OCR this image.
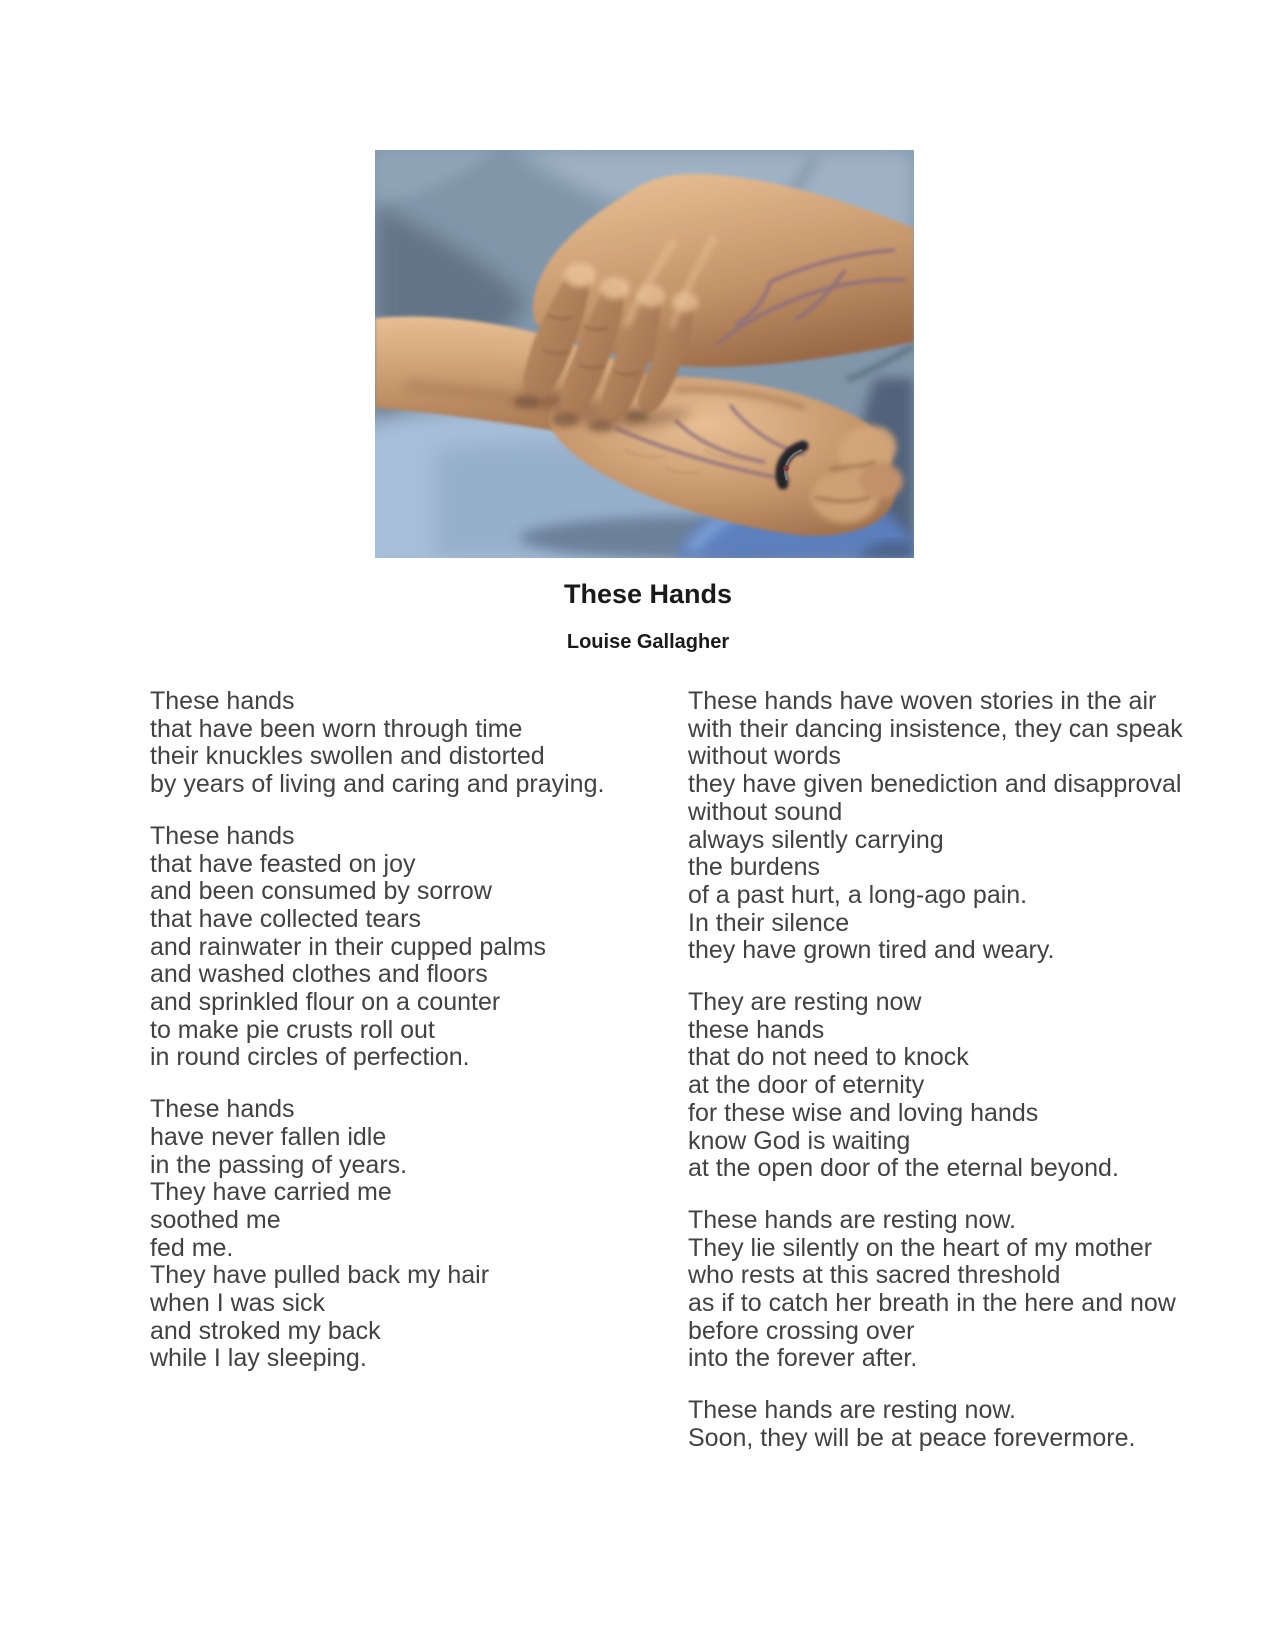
These Hands
Louise Gallagher
These hands
that have been worn through time
their knuckles swollen and distorted
by years of living and caring and praying.
These hands
that have feasted on joy
and been consumed by sorrow
that have collected tears
and rainwater in their cupped palms
and washed clothes and floors
and sprinkled flour on a counter
to make pie crusts roll out
in round circles of perfection.
These hands
have never fallen idle
in the passing of years.
They have carried me
soothed me
fed me.
They have pulled back my hair
when I was sick
and stroked my back
while I lay sleeping.
These hands have woven stories in the air
with their dancing insistence, they can speak
without words
they have given benediction and disapproval
without sound
always silently carrying
the burdens
of a past hurt, a long-ago pain.
In their silence
they have grown tired and weary.
They are resting now
these hands
that do not need to knock
at the door of eternity
for these wise and loving hands
know God is waiting
at the open door of the eternal beyond.
These hands are resting now.
They lie silently on the heart of my mother
who rests at this sacred threshold
as if to catch her breath in the here and now
before crossing over
into the forever after.
These hands are resting now.
Soon, they will be at peace forevermore.
